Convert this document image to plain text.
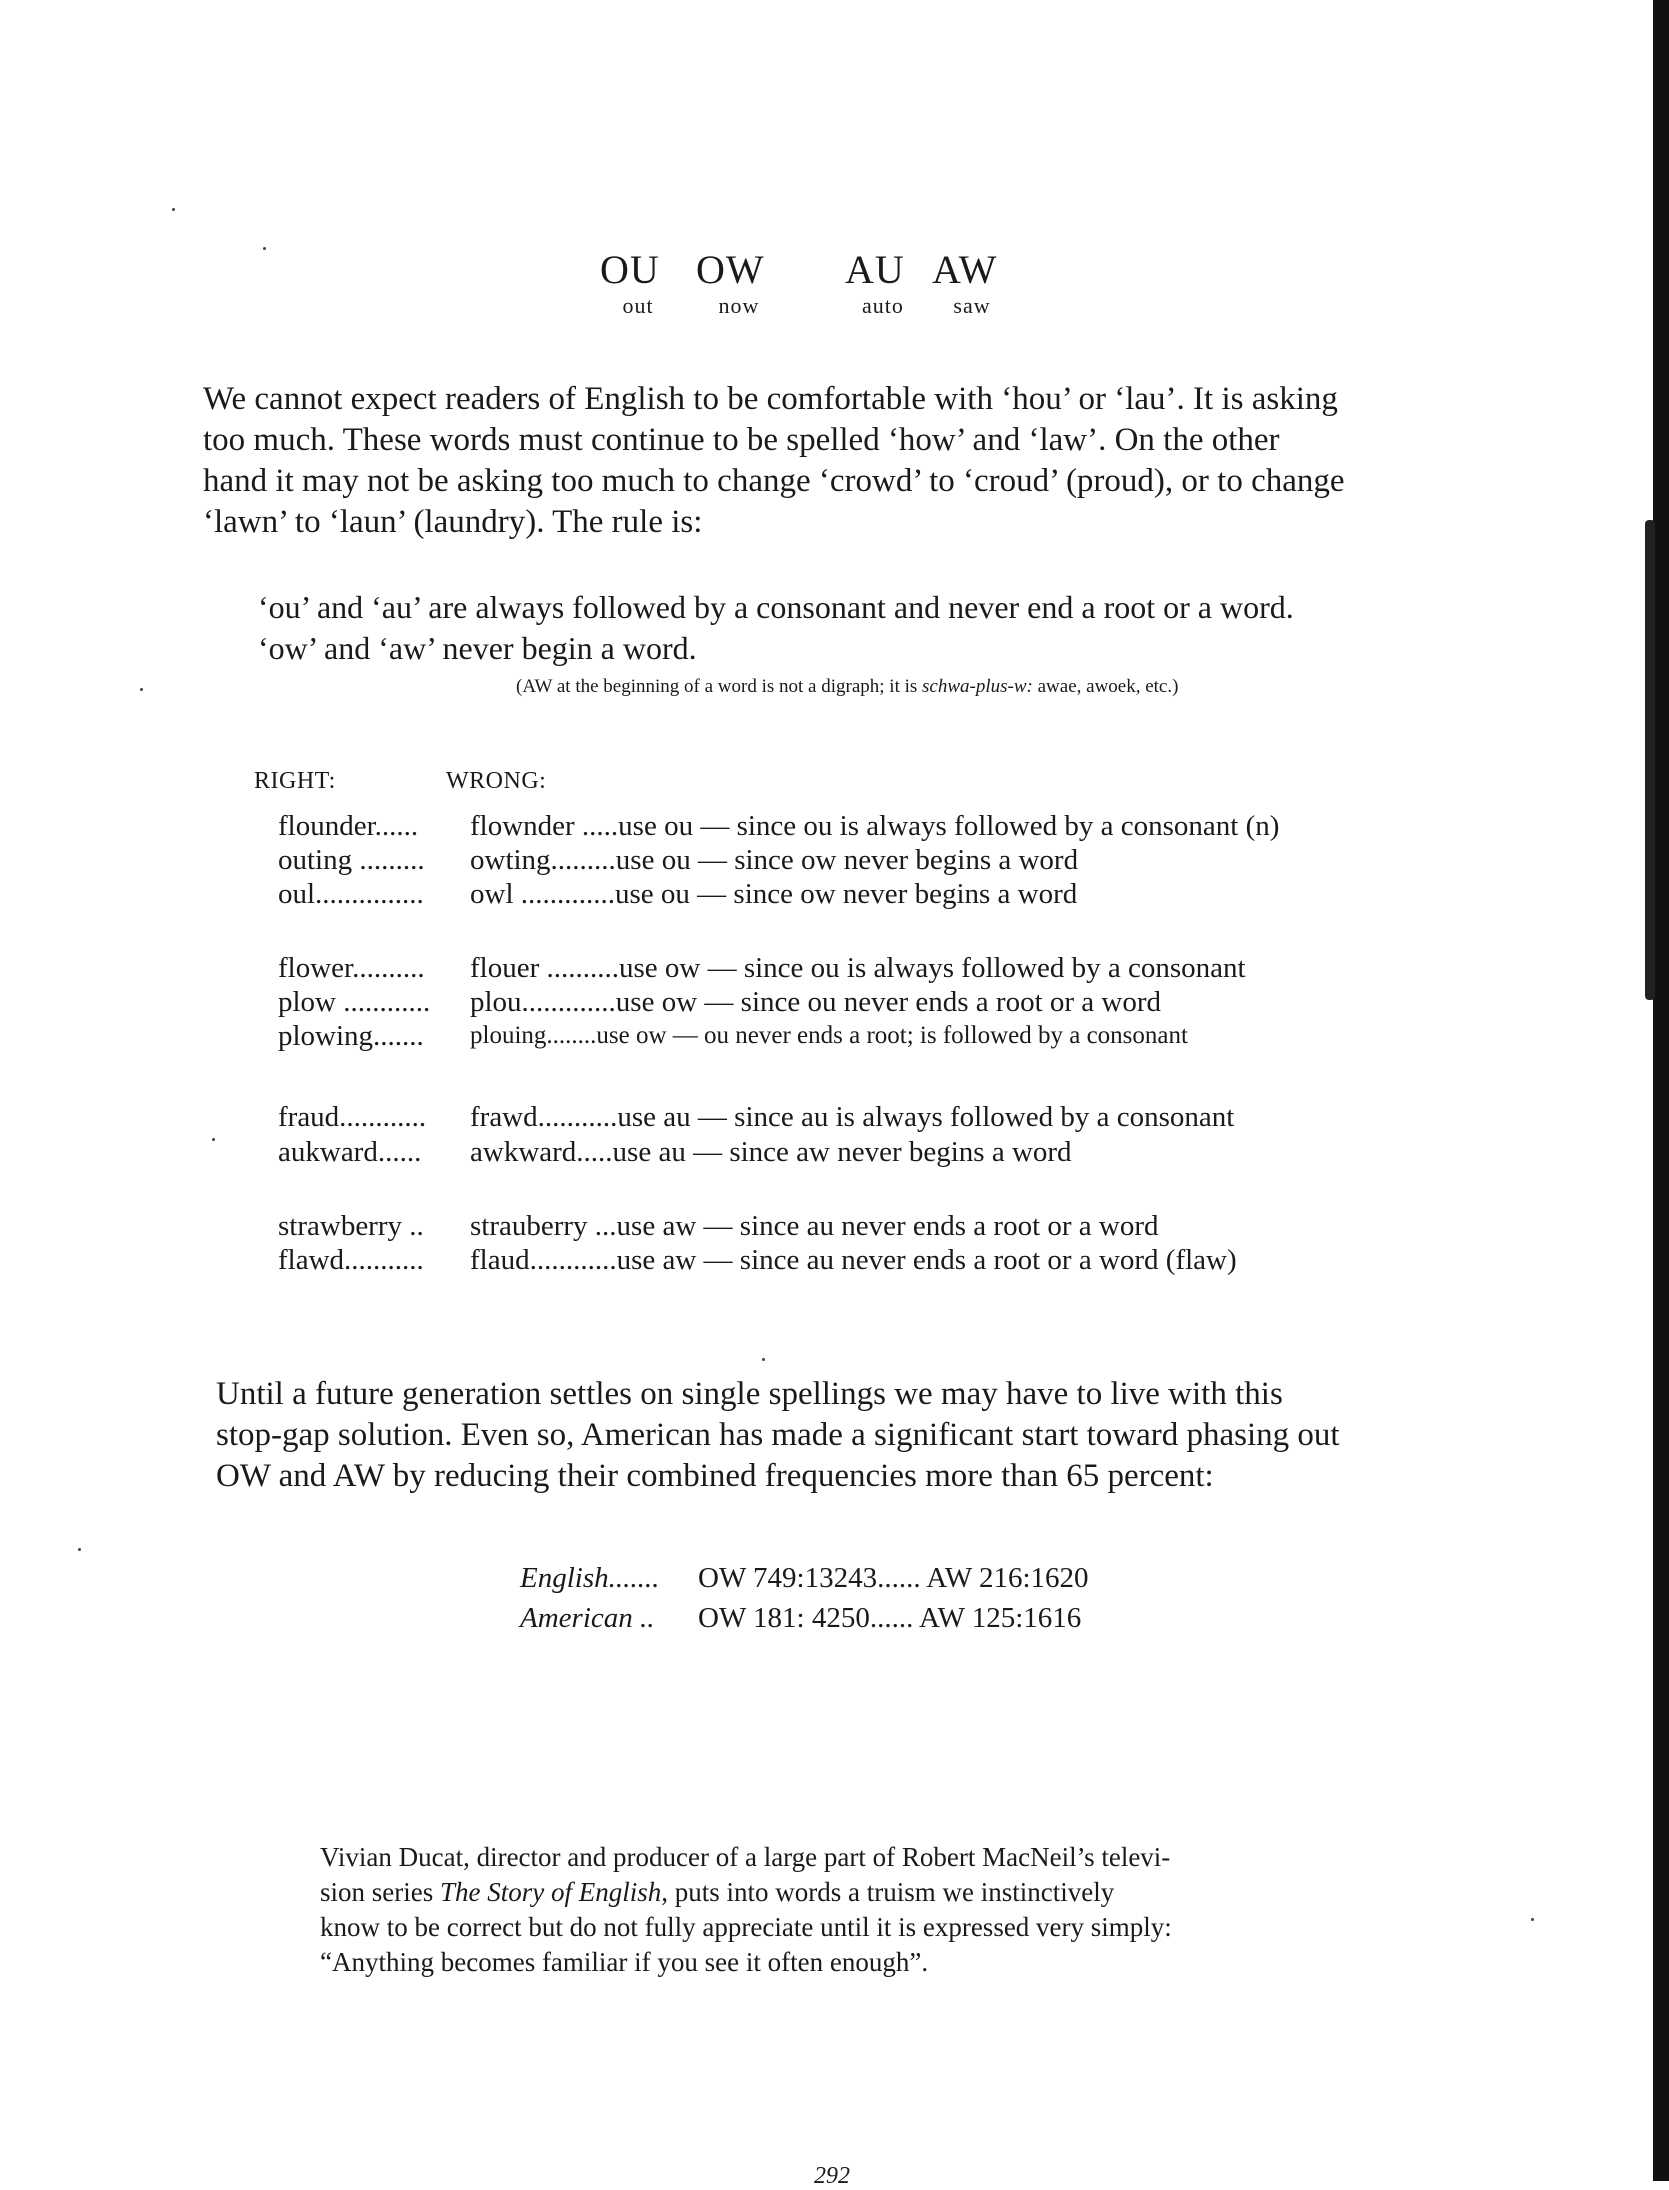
OU
out
OW
now
AU
auto
AW
saw
We cannot expect readers of English to be comfortable with ‘hou’ or ‘lau’. It is asking
too much. These words must continue to be spelled ‘how’ and ‘law’. On the other
hand it may not be asking too much to change ‘crowd’ to ‘croud’ (proud), or to change
‘lawn’ to ‘laun’ (laundry). The rule is:
‘ou’ and ‘au’ are always followed by a consonant and never end a root or a word.
‘ow’ and ‘aw’ never begin a word.
(AW at the beginning of a word is not a digraph; it is schwa-plus-w: awae, awoek, etc.)
RIGHT:	WRONG:
flounder...... flownder .....use ou — since ou is always followed by a consonant (n)
outing ......... owting.........use ou — since ow never begins a word
oul............... owl .............use ou — since ow never begins a word
flower.......... flouer ..........use ow — since ou is always followed by a consonant
plow ............ plou.............use ow — since ou never ends a root or a word
plowing....... plouing........use ow — ou never ends a root; is followed by a consonant
fraud............ frawd...........use au — since au is always followed by a consonant
aukward...... awkward.....use au — since aw never begins a word
strawberry .. strauberry ...use aw — since au never ends a root or a word
flawd........... flaud............use aw — since au never ends a root or a word (flaw)
Until a future generation settles on single spellings we may have to live with this
stop-gap solution. Even so, American has made a significant start toward phasing out
OW and AW by reducing their combined frequencies more than 65 percent:
English....... OW 749:13243...... AW 216:1620
American .. OW 181: 4250...... AW 125:1616
Vivian Ducat, director and producer of a large part of Robert MacNeil’s televi-
sion series The Story of English, puts into words a truism we instinctively
know to be correct but do not fully appreciate until it is expressed very simply:
“Anything becomes familiar if you see it often enough”.
292
